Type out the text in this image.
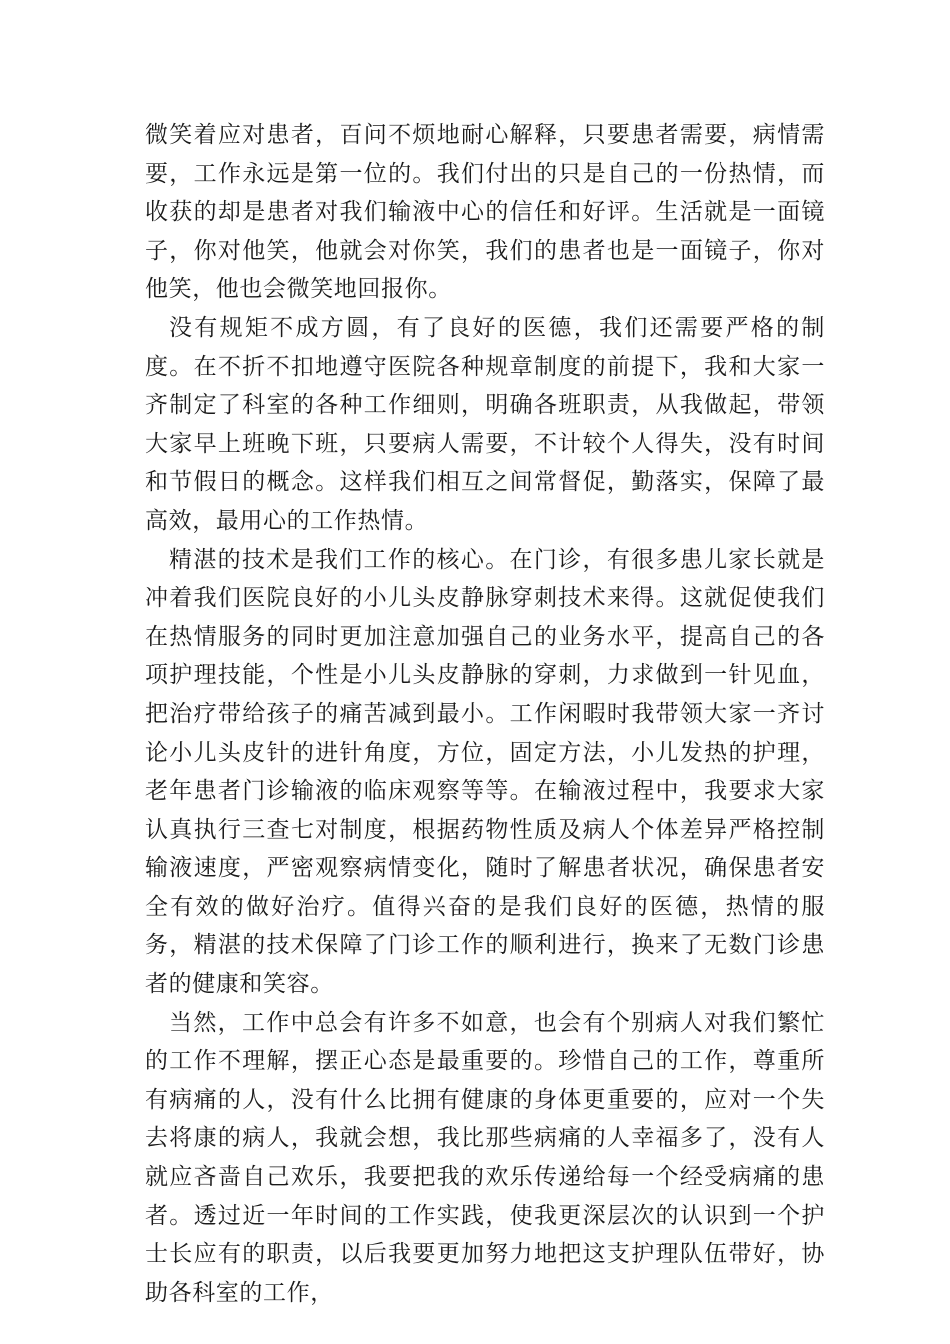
微笑着应对患者，百问不烦地耐心解释，只要患者需要，病情需要，工作永远是第一位的。我们付出的只是自己的一份热情，而收获的却是患者对我们输液中心的信任和好评。生活就是一面镜子，你对他笑，他就会对你笑，我们的患者也是一面镜子，你对他笑，他也会微笑地回报你。

没有规矩不成方圆，有了良好的医德，我们还需要严格的制度。在不折不扣地遵守医院各种规章制度的前提下，我和大家一齐制定了科室的各种工作细则，明确各班职责，从我做起，带领大家早上班晚下班，只要病人需要，不计较个人得失，没有时间和节假日的概念。这样我们相互之间常督促，勤落实，保障了最高效，最用心的工作热情。

精湛的技术是我们工作的核心。在门诊，有很多患儿家长就是冲着我们医院良好的小儿头皮静脉穿刺技术来得。这就促使我们在热情服务的同时更加注意加强自己的业务水平，提高自己的各项护理技能，个性是小儿头皮静脉的穿刺，力求做到一针见血，把治疗带给孩子的痛苦减到最小。工作闲暇时我带领大家一齐讨论小儿头皮针的进针角度，方位，固定方法，小儿发热的护理，老年患者门诊输液的临床观察等等。在输液过程中，我要求大家认真执行三查七对制度，根据药物性质及病人个体差异严格控制输液速度，严密观察病情变化，随时了解患者状况，确保患者安全有效的做好治疗。值得兴奋的是我们良好的医德，热情的服务，精湛的技术保障了门诊工作的顺利进行，换来了无数门诊患者的健康和笑容。

当然，工作中总会有许多不如意，也会有个别病人对我们繁忙的工作不理解，摆正心态是最重要的。珍惜自己的工作，尊重所有病痛的人，没有什么比拥有健康的身体更重要的，应对一个失去将康的病人，我就会想，我比那些病痛的人幸福多了，没有人就应吝啬自己欢乐，我要把我的欢乐传递给每一个经受病痛的患者。透过近一年时间的工作实践，使我更深层次的认识到一个护士长应有的职责，以后我要更加努力地把这支护理队伍带好，协助各科室的工作，
